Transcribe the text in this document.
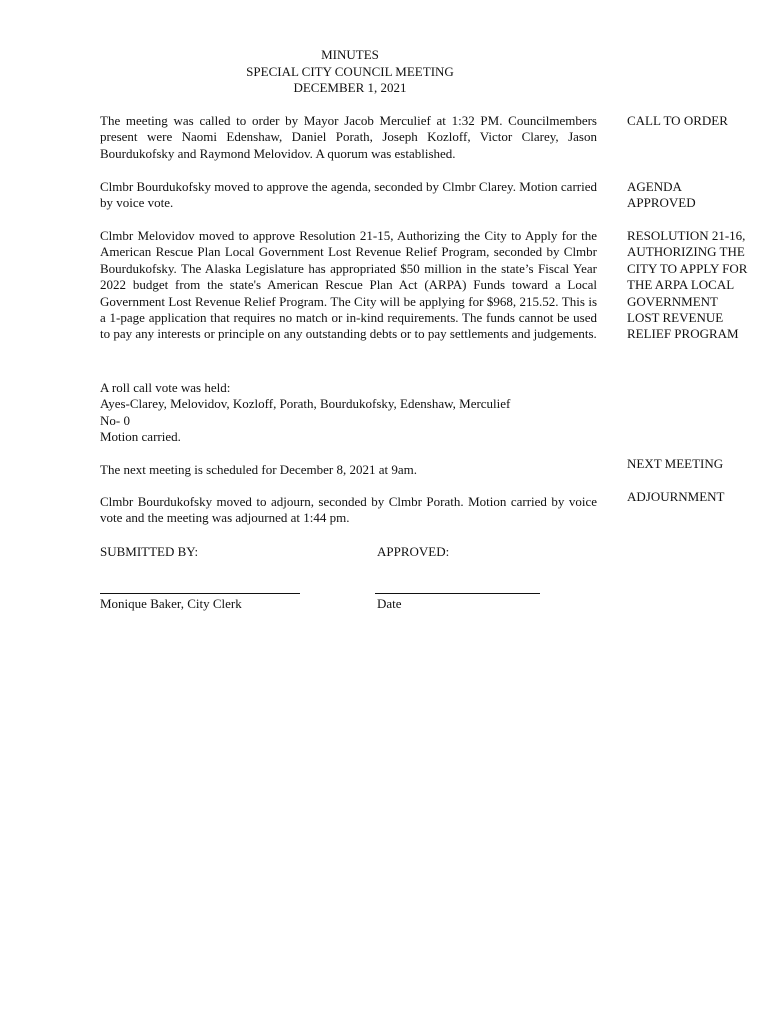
MINUTES
SPECIAL CITY COUNCIL MEETING
DECEMBER 1, 2021

The meeting was called to order by Mayor Jacob Merculief at 1:32 PM. Councilmembers present were Naomi Edenshaw, Daniel Porath, Joseph Kozloff, Victor Clarey, Jason Bourdukofsky and Raymond Melovidov. A quorum was established.

CALL TO ORDER

Clmbr Bourdukofsky moved to approve the agenda, seconded by Clmbr Clarey. Motion carried by voice vote.

AGENDA APPROVED

Clmbr Melovidov moved to approve Resolution 21-15, Authorizing the City to Apply for the American Rescue Plan Local Government Lost Revenue Relief Program, seconded by Clmbr Bourdukofsky. The Alaska Legislature has appropriated $50 million in the state’s Fiscal Year 2022 budget from the state's American Rescue Plan Act (ARPA) Funds toward a Local Government Lost Revenue Relief Program. The City will be applying for $968, 215.52. This is a 1-page application that requires no match or in-kind requirements. The funds cannot be used to pay any interests or principle on any outstanding debts or to pay settlements and judgements.

RESOLUTION 21-16, AUTHORIZING THE CITY TO APPLY FOR THE ARPA LOCAL GOVERNMENT LOST REVENUE RELIEF PROGRAM
A roll call vote was held:
Ayes-Clarey, Melovidov, Kozloff, Porath, Bourdukofsky, Edenshaw, Merculief
No- 0
Motion carried.
The next meeting is scheduled for December 8, 2021 at 9am.	NEXT MEETING

Clmbr Bourdukofsky moved to adjourn, seconded by Clmbr Porath. Motion carried by voice vote and the meeting was adjourned at 1:44 pm.

ADJOURNMENT
SUBMITTED BY:	APPROVED:
Monique Baker, City Clerk	Date
